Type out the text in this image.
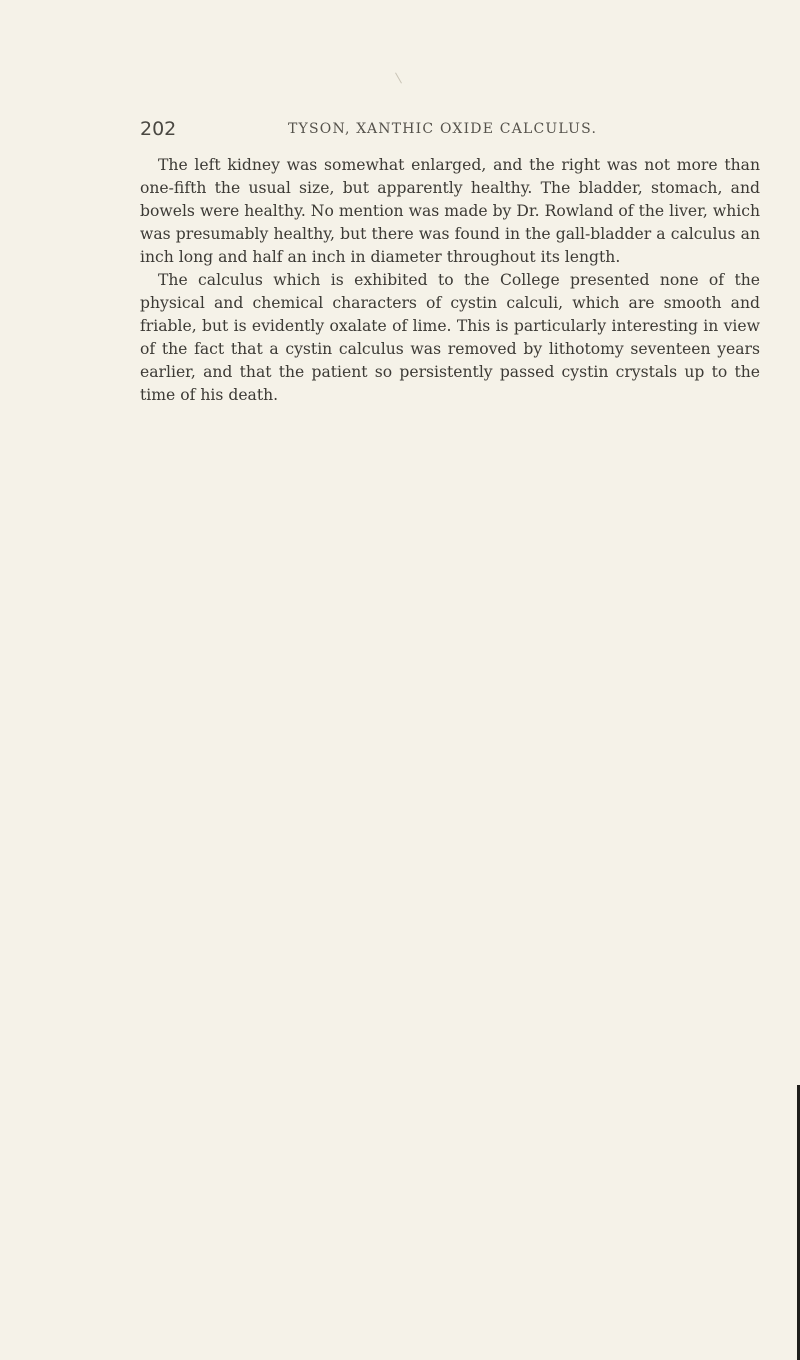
202	TYSON, XANTHIC OXIDE CALCULUS.

The left kidney was somewhat enlarged, and the right was not more than one-fifth the usual size, but apparently healthy. The bladder, stomach, and bowels were healthy. No mention was made by Dr. Rowland of the liver, which was presumably healthy, but there was found in the gall-bladder a calculus an inch long and half an inch in diameter throughout its length.

The calculus which is exhibited to the College presented none of the physical and chemical characters of cystin calculi, which are smooth and friable, but is evidently oxalate of lime. This is particularly interesting in view of the fact that a cystin calculus was removed by lithotomy seventeen years earlier, and that the patient so persistently passed cystin crystals up to the time of his death.
